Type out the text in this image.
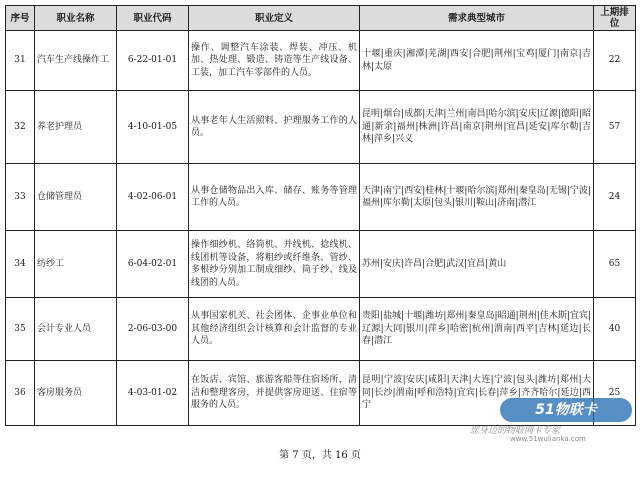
序号	职业名称	职业代码	职业定义	需求典型城市	上期排位
31	汽车生产线操作工	6-22-01-01	操作、调整汽车涂装、焊装、冲压、机加、热处理、锻造、铸造等生产线设备、工装，加工汽车零部件的人员。	十堰|重庆|湘潭|芜湖|西安|合肥|荆州|宝鸡|厦门|南京|吉林|太原	22
32	养老护理员	4-10-01-05	从事老年人生活照料、护理服务工作的人员。	昆明|烟台|成都|天津|兰州|南昌|哈尔滨|安庆|辽源|德阳|昭通|新余|福州|株洲|许昌|南京|荆州|宜昌|延安|库尔勒|吉林|萍乡|兴义	57
33	仓储管理员	4-02-06-01	从事仓储物品出入库、储存、账务等管理工作的人员。	天津|南宁|西安|桂林|十堰|哈尔滨|郑州|秦皇岛|无锡|宁波|福州|库尔勒|太原|包头|银川|鞍山|济南|潜江	24
34	纺纱工	6-04-02-01	操作细纱机、络筒机、并线机、捻线机、线团机等设备，将粗纱或纤维条、管纱、多根纱分别加工制成细纱、筒子纱、线及线团的人员。	苏州|安庆|许昌|合肥|武汉|宜昌|黄山	65
35	会计专业人员	2-06-03-00	从事国家机关、社会团体、企事业单位和其他经济组织会计核算和会计监督的专业人员。	贵阳|盐城|十堰|潍坊|郑州|秦皇岛|昭通|荆州|佳木斯|宜宾|辽源|大同|银川|萍乡|哈密|杭州|渭南|西平|吉林|延边|长春|潜江	40
36	客房服务员	4-03-01-02	在饭店、宾馆、旅游客船等住宿场所，清洁和整理客房，并提供客房迎送、住宿等服务的人员。	昆明|宁波|安庆|咸阳|天津|大连|宁波|包头|潍坊|郑州|大同|长沙|渭南|呼和浩特|宜宾|长春|萍乡|齐齐哈尔|延边|西宁	25
51物联卡
您身边的物联网卡专家
www.51wulianka.com
第 7 页，共 16 页
